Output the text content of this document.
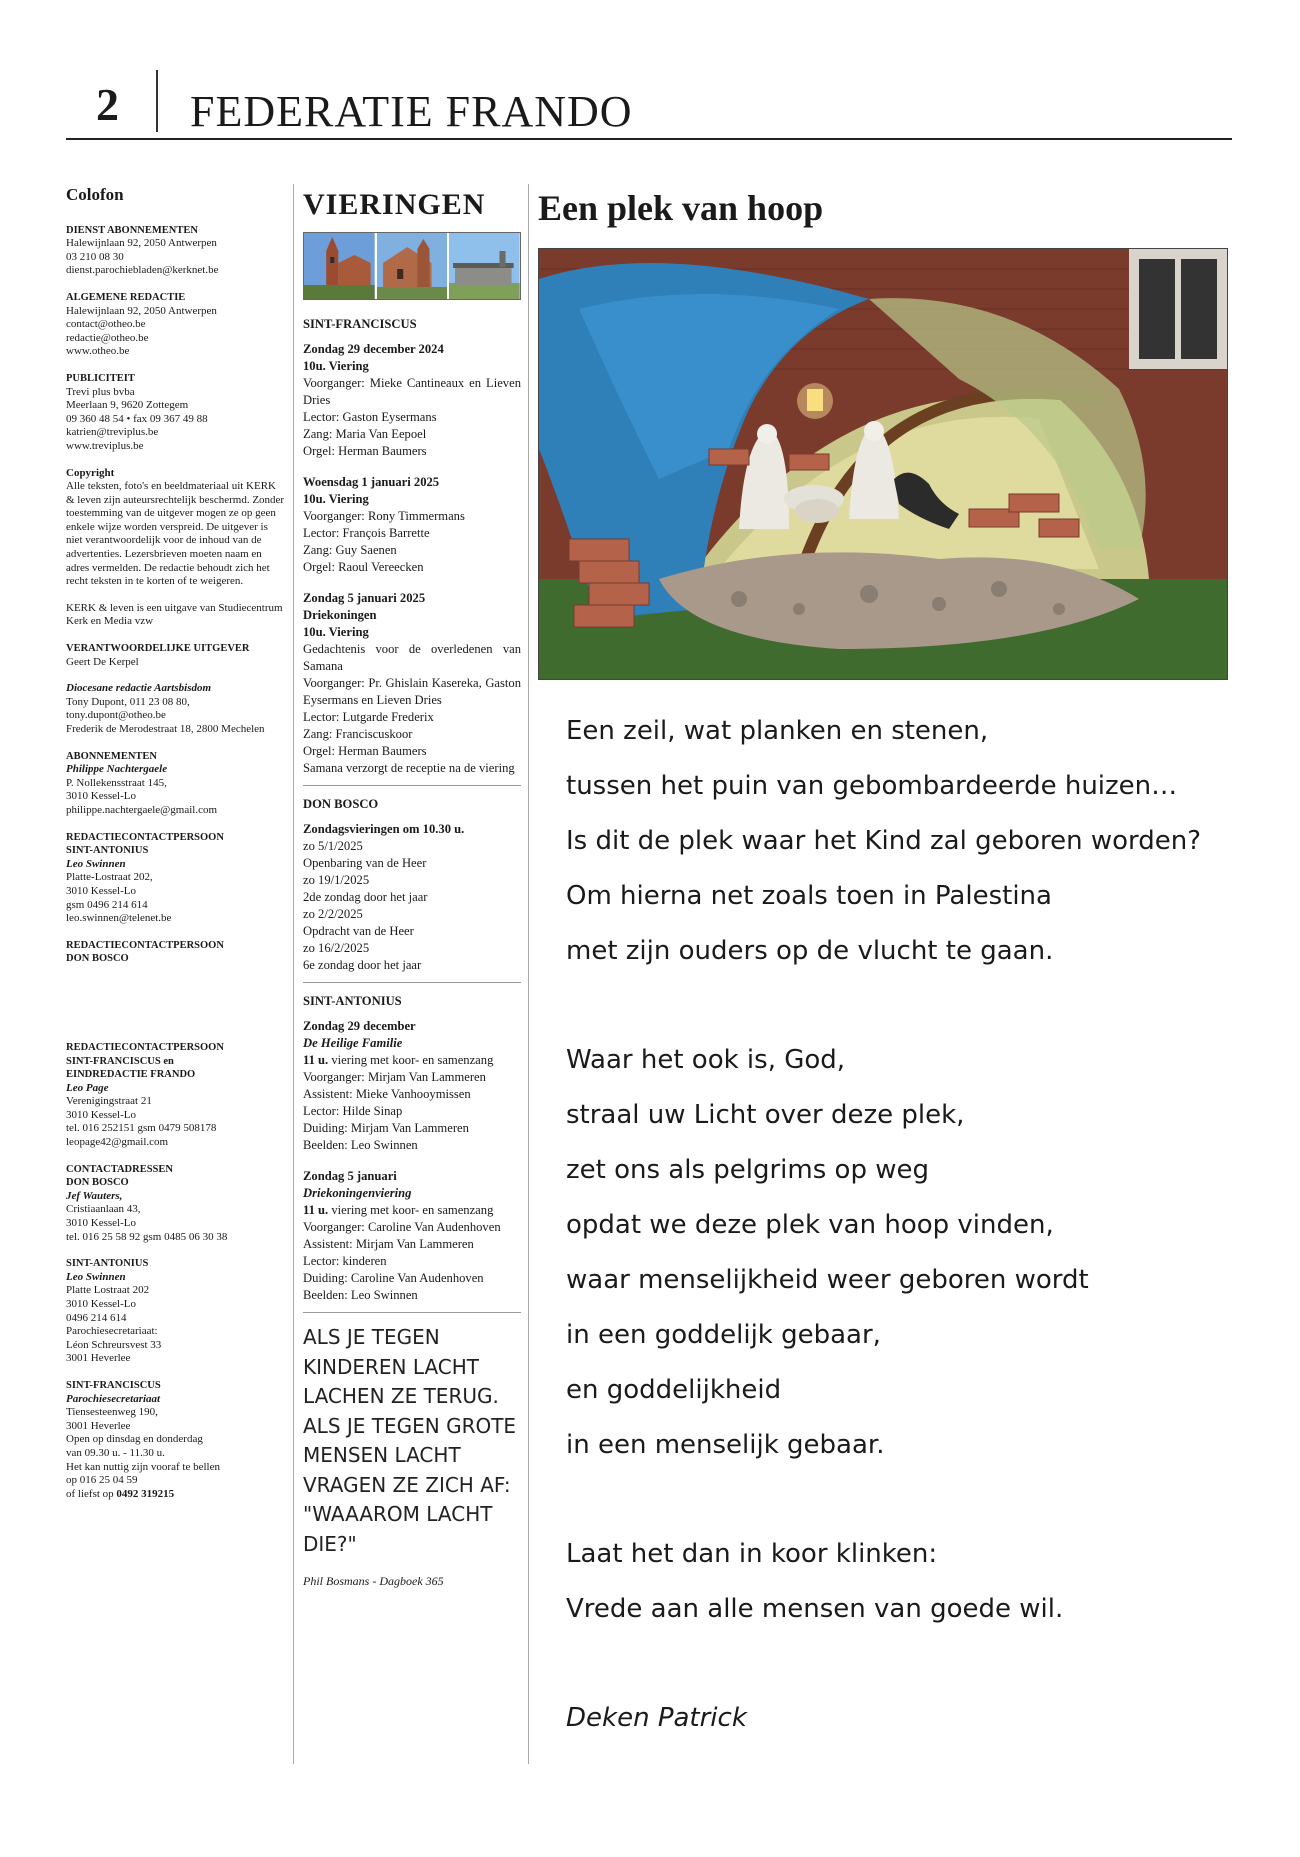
2 FEDERATIE FRANDO
Colofon
DIENST ABONNEMENTEN
Halewijnlaan 92, 2050 Antwerpen
03 210 08 30
dienst.parochiebladen@kerknet.be
ALGEMENE REDACTIE
Halewijnlaan 92, 2050 Antwerpen
contact@otheo.be
redactie@otheo.be
www.otheo.be
PUBLICITEIT
Trevi plus bvba
Meerlaan 9, 9620 Zottegem
09 360 48 54 • fax 09 367 49 88
katrien@treviplus.be
www.treviplus.be
Copyright
Alle teksten, foto's en beeldmateriaal uit KERK & leven zijn auteursrechtelijk beschermd. Zonder toestemming van de uitgever mogen ze op geen enkele wijze worden verspreid. De uitgever is niet verantwoordelijk voor de inhoud van de advertenties. Lezersbrieven moeten naam en adres vermelden. De redactie behoudt zich het recht teksten in te korten of te weigeren.
KERK & leven is een uitgave van Studiecentrum Kerk en Media vzw
VERANTWOORDELIJKE UITGEVER
Geert De Kerpel
Diocesane redactie Aartsbisdom
Tony Dupont, 011 23 08 80,
tony.dupont@otheo.be
Frederik de Merodestraat 18, 2800 Mechelen
ABONNEMENTEN
Philippe Nachtergaele
P. Nollekensstraat 145,
3010 Kessel-Lo
philippe.nachtergaele@gmail.com
REDACTIECONTACTPERSOON
SINT-ANTONIUS
Leo Swinnen
Platte-Lostraat 202,
3010 Kessel-Lo
gsm 0496 214 614
leo.swinnen@telenet.be
REDACTIECONTACTPERSOON
DON BOSCO
REDACTIECONTACTPERSOON
SINT-FRANCISCUS en
EINDREDACTIE FRANDO
Leo Page
Verenigingstraat 21
3010 Kessel-Lo
tel. 016 252151 gsm 0479 508178
leopage42@gmail.com
CONTACTADRESSEN
DON BOSCO
Jef Wauters,
Cristiaanlaan 43,
3010 Kessel-Lo
tel. 016 25 58 92 gsm 0485 06 30 38
SINT-ANTONIUS
Leo Swinnen
Platte Lostraat 202
3010 Kessel-Lo
0496 214 614
Parochiesecretariaat:
Léon Schreursvest 33
3001 Heverlee
SINT-FRANCISCUS
Parochiesecretariaat
Tiensesteenweg 190,
3001 Heverlee
Open op dinsdag en donderdag
van 09.30 u. - 11.30 u.
Het kan nuttig zijn vooraf te bellen
op 016 25 04 59
of liefst op 0492 319215
VIERINGEN
SINT-FRANCISCUS
Zondag 29 december 2024
10u. Viering
Voorganger: Mieke Cantineaux en Lieven Dries
Lector: Gaston Eysermans
Zang: Maria Van Eepoel
Orgel: Herman Baumers
Woensdag 1 januari 2025
10u. Viering
Voorganger: Rony Timmermans
Lector: François Barrette
Zang: Guy Saenen
Orgel: Raoul Vereecken
Zondag 5 januari 2025
Driekoningen
10u. Viering
Gedachtenis voor de overledenen van Samana
Voorganger: Pr. Ghislain Kasereka, Gaston Eysermans en Lieven Dries
Lector: Lutgarde Frederix
Zang: Franciscuskoor
Orgel: Herman Baumers
Samana verzorgt de receptie na de viering
DON BOSCO
Zondagsvieringen om 10.30 u.
zo 5/1/2025
Openbaring van de Heer
zo 19/1/2025
2de zondag door het jaar
zo 2/2/2025
Opdracht van de Heer
zo 16/2/2025
6e zondag door het jaar
SINT-ANTONIUS
Zondag 29 december
De Heilige Familie
11 u. viering met koor- en samenzang
Voorganger: Mirjam Van Lammeren
Assistent: Mieke Vanhooymissen
Lector: Hilde Sinap
Duiding: Mirjam Van Lammeren
Beelden: Leo Swinnen
Zondag 5 januari
Driekoningenviering
11 u. viering met koor- en samenzang
Voorganger: Caroline Van Audenhoven
Assistent: Mirjam Van Lammeren
Lector: kinderen
Duiding: Caroline Van Audenhoven
Beelden: Leo Swinnen
ALS JE TEGEN KINDEREN LACHT LACHEN ZE TERUG. ALS JE TEGEN GROTE MENSEN LACHT VRAGEN ZE ZICH AF: "WAAAROM LACHT DIE?"
Phil Bosmans - Dagboek 365
Een plek van hoop
Een zeil, wat planken en stenen,
tussen het puin van gebombardeerde huizen…
Is dit de plek waar het Kind zal geboren worden?
Om hierna net zoals toen in Palestina
met zijn ouders op de vlucht te gaan.
Waar het ook is, God,
straal uw Licht over deze plek,
zet ons als pelgrims op weg
opdat we deze plek van hoop vinden,
waar menselijkheid weer geboren wordt
in een goddelijk gebaar,
en goddelijkheid
in een menselijk gebaar.
Laat het dan in koor klinken:
Vrede aan alle mensen van goede wil.
Deken Patrick
